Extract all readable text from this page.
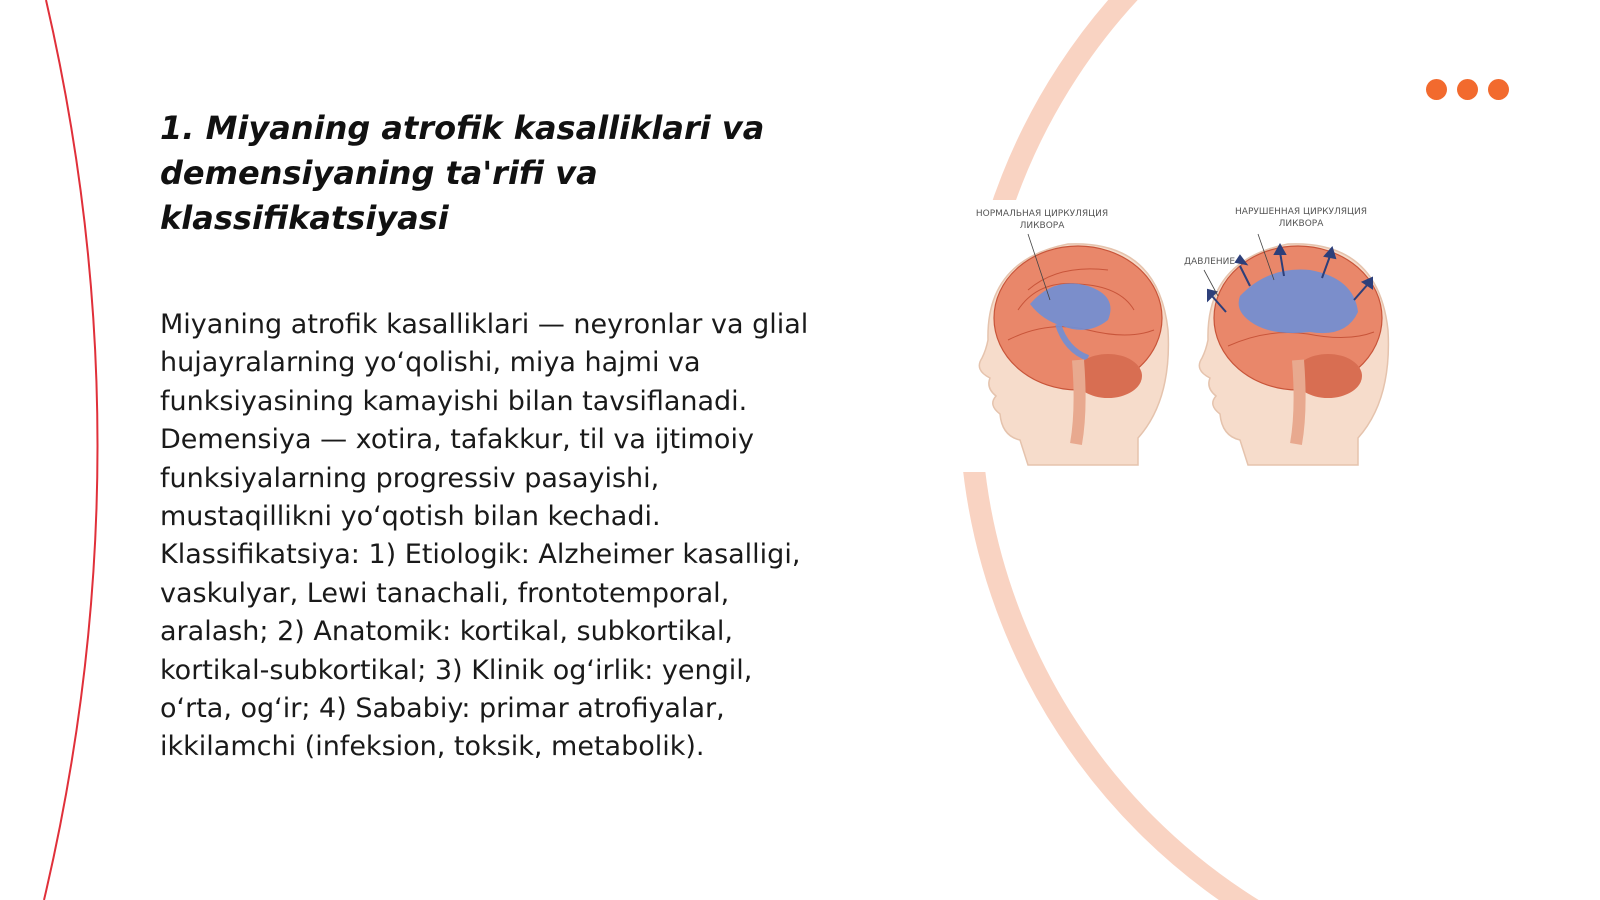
1. Miyaning atrofik kasalliklari va demensiyaning ta'rifi va klassifikatsiyasi

Miyaning atrofik kasalliklari — neyronlar va glial hujayralarning yo‘qolishi, miya hajmi va funksiyasining kamayishi bilan tavsiflanadi. Demensiya — xotira, tafakkur, til va ijtimoiy funksiyalarning progressiv pasayishi, mustaqillikni yo‘qotish bilan kechadi. Klassifikatsiya: 1) Etiologik: Alzheimer kasalligi, vaskulyar, Lewi tanachali, frontotemporal, aralash; 2) Anatomik: kortikal, subkortikal, kortikal-subkortikal; 3) Klinik og‘irlik: yengil, o‘rta, og‘ir; 4) Sababiy: primar atrofiyalar, ikkilamchi (infeksion, toksik, metabolik).

НОРМАЛЬНАЯ ЦИРКУЛЯЦИЯ
ЛИКВОРА
НАРУШЕННАЯ ЦИРКУЛЯЦИЯ
ЛИКВОРА
ДАВЛЕНИЕ
